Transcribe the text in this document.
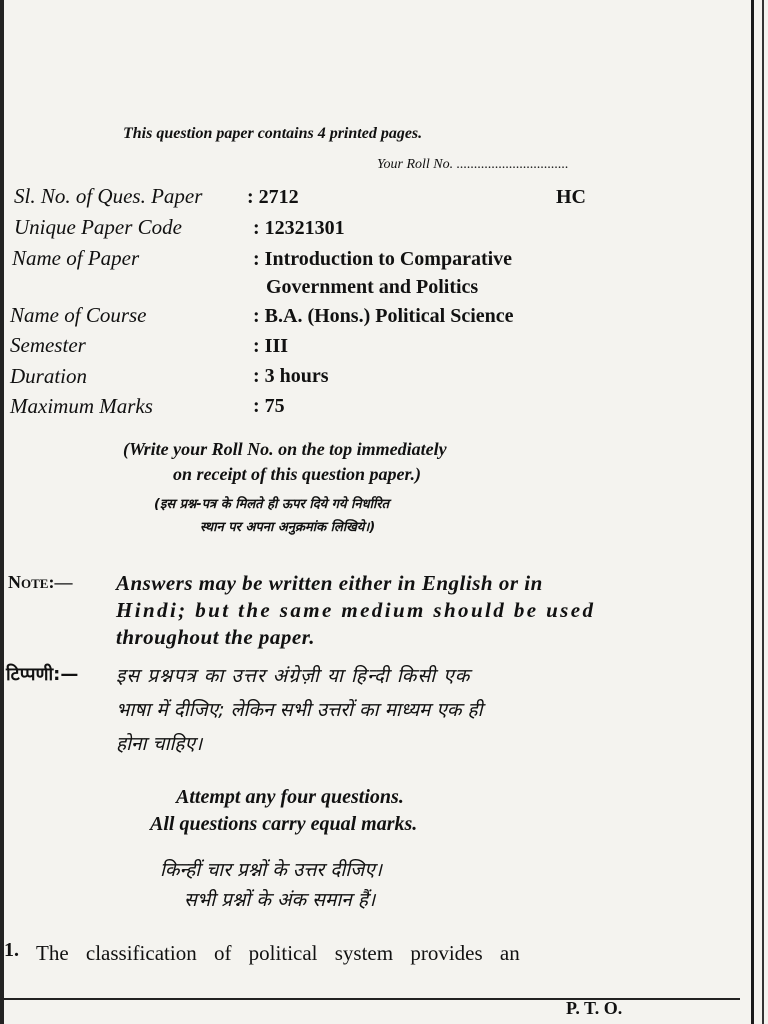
This question paper contains 4 printed pages.
Your Roll No. ................................
Sl. No. of Ques. Paper : 2712	HC
Unique Paper Code	: 12321301
Name of Paper	: Introduction to Comparative
Government and Politics
Name of Course	: B.A. (Hons.) Political Science
Semester	: III
Duration	: 3 hours
Maximum Marks	: 75
(Write your Roll No. on the top immediately
on receipt of this question paper.)
(इस प्रश्न-पत्र के मिलते ही ऊपर दिये गये निर्धारित
स्थान पर अपना अनुक्रमांक लिखिये।)
Note:— Answers may be written either in English or in
Hindi; but the same medium should be used
throughout the paper.
टिप्पणी:— इस प्रश्नपत्र का उत्तर अंग्रेज़ी या हिन्दी किसी एक
भाषा में दीजिए; लेकिन सभी उत्तरों का माध्यम एक ही
होना चाहिए।
Attempt any four questions.
All questions carry equal marks.
किन्हीं चार प्रश्नों के उत्तर दीजिए।
सभी प्रश्नों के अंक समान हैं।
1. The classification of political system provides an
P. T. O.
